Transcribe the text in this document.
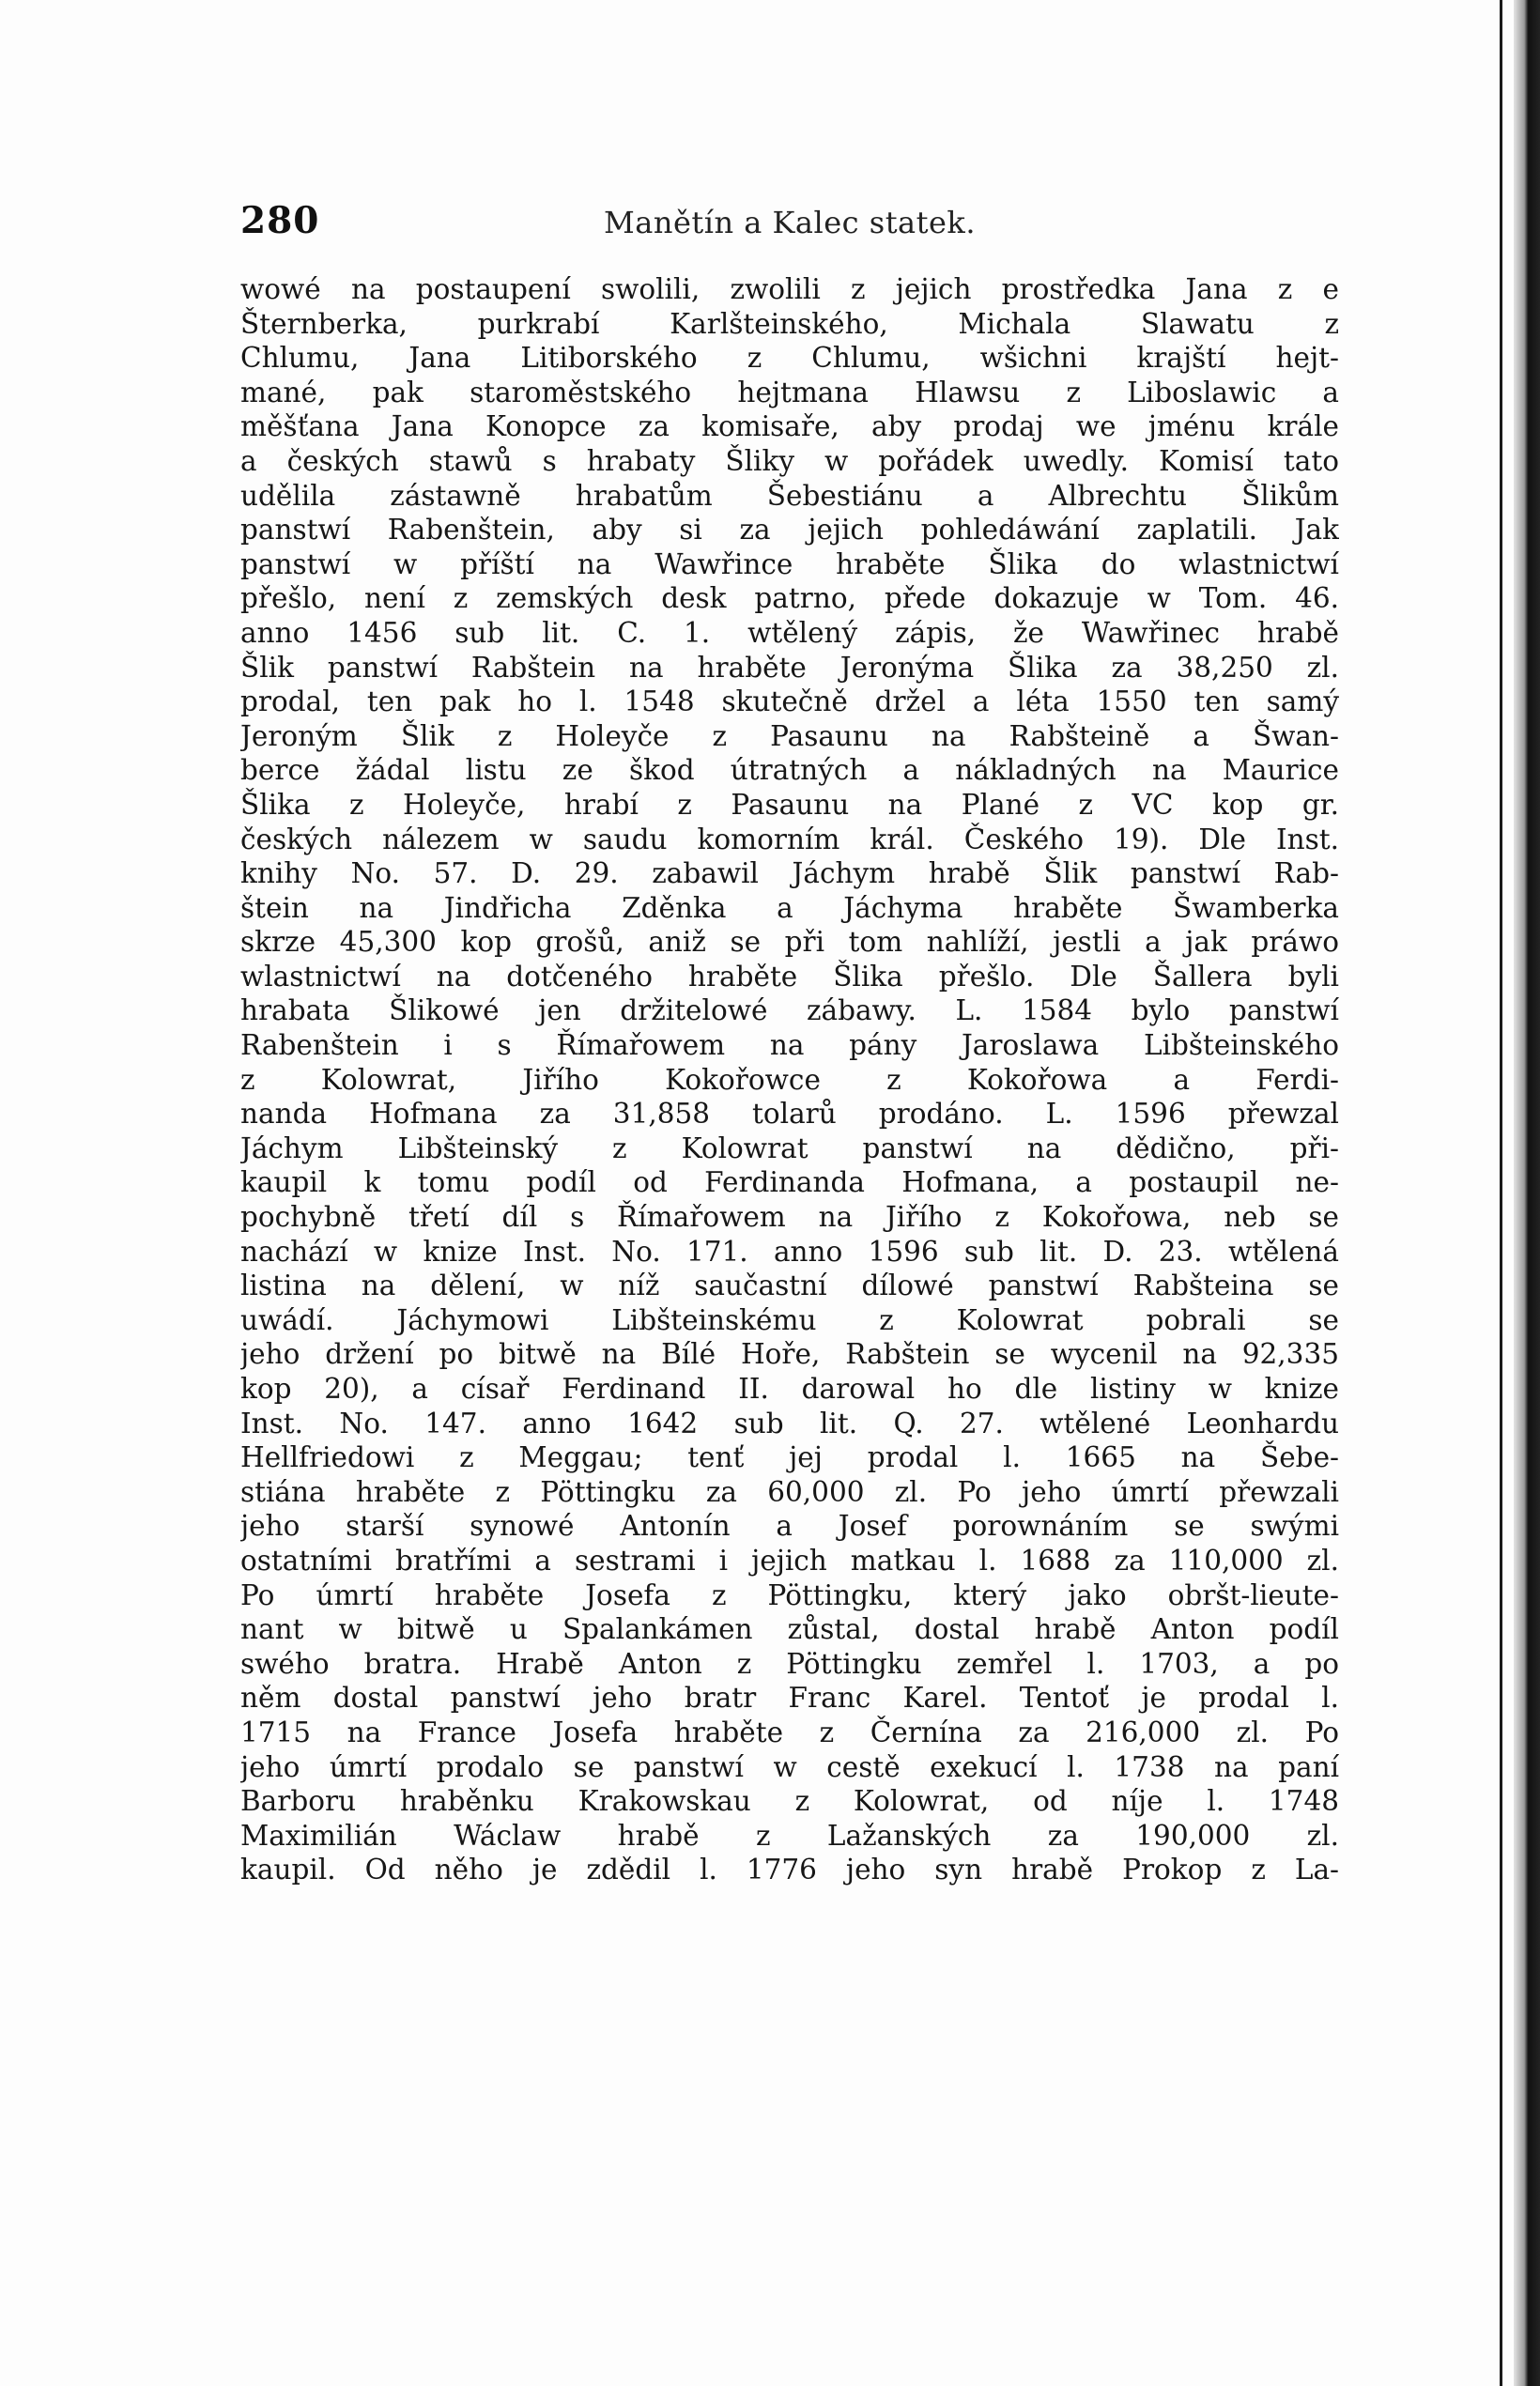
280	Manětín a Kalec statek.
wowé na postaupení swolili, zwolili z jejich prostředka Jana z e
Šternberka, purkrabí Karlšteinského, Michala Slawatu z
Chlumu, Jana Litiborského z Chlumu, wšichni krajští hejt-
mané, pak staroměstského hejtmana Hlawsu z Liboslawic a
měšťana Jana Konopce za komisaře, aby prodaj we jménu krále
a českých stawů s hrabaty Šliky w pořádek uwedly. Komisí tato
udělila zástawně hrabatům Šebestiánu a Albrechtu Šlikům
panstwí Rabenštein, aby si za jejich pohledáwání zaplatili. Jak
panstwí w příští na Wawřince hraběte Šlika do wlastnictwí
přešlo, není z zemských desk patrno, přede dokazuje w Tom. 46.
anno 1456 sub lit. C. 1. wtělený zápis, že Wawřinec hrabě
Šlik panstwí Rabštein na hraběte Jeronýma Šlika za 38,250 zl.
prodal, ten pak ho l. 1548 skutečně držel a léta 1550 ten samý
Jeroným Šlik z Holeyče z Pasaunu na Rabšteině a Šwan-
berce žádal listu ze škod útratných a nákladných na Maurice
Šlika z Holeyče, hrabí z Pasaunu na Plané z VC kop gr.
českých nálezem w saudu komorním král. Českého 19). Dle Inst.
knihy No. 57. D. 29. zabawil Jáchym hrabě Šlik panstwí Rab-
štein na Jindřicha Zděnka a Jáchyma hraběte Šwamberka
skrze 45,300 kop grošů, aniž se při tom nahlíží, jestli a jak práwo
wlastnictwí na dotčeného hraběte Šlika přešlo. Dle Šallera byli
hrabata Šlikowé jen držitelowé zábawy. L. 1584 bylo panstwí
Rabenštein i s Římařowem na pány Jaroslawa Libšteinského
z Kolowrat, Jiřího Kokořowce z Kokořowa a Ferdi-
nanda Hofmana za 31,858 tolarů prodáno. L. 1596 přewzal
Jáchym Libšteinský z Kolowrat panstwí na dědičnо, při-
kaupil k tomu podíl od Ferdinanda Hofmana, a postaupil ne-
pochybně třetí díl s Římařowem na Jiřího z Kokořowa, neb se
nachází w knize Inst. No. 171. anno 1596 sub lit. D. 23. wtělená
listina na dělení, w níž saučastní dílowé panstwí Rabšteina se
uwádí. Jáchymowi Libšteinskému z Kolowrat pobrali se
jeho držení po bitwě na Bílé Hoře, Rabštein se wycenil na 92,335
kop 20), a císař Ferdinand II. darowal ho dle listiny w knize
Inst. No. 147. anno 1642 sub lit. Q. 27. wtělené Leonhardu
Hellfriedowi z Meggau; tenť jej prodal l. 1665 na Šebe-
stiána hraběte z Pöttingku za 60,000 zl. Po jeho úmrtí přewzali
jeho starší synowé Antonín a Josef porownáním se swými
ostatními bratřími a sestrami i jejich matkau l. 1688 za 110,000 zl.
Po úmrtí hraběte Josefa z Pöttingku, který jako obršt-lieute-
nant w bitwě u Spalankámen zůstal, dostal hrabě Anton podíl
swého bratra. Hrabě Anton z Pöttingku zemřel l. 1703, a po
něm dostal panstwí jeho bratr Franc Karel. Tentoť je prodal l.
1715 na France Josefa hraběte z Černína za 216,000 zl. Po
jeho úmrtí prodalo se panstwí w cestě exekucí l. 1738 na paní
Barboru hraběnku Krakowskau z Kolowrat, od níje l. 1748
Maximilián Wáclaw hrabě z Lažanských za 190,000 zl.
kaupil. Od něho je zdědil l. 1776 jeho syn hrabě Prokop z La-
